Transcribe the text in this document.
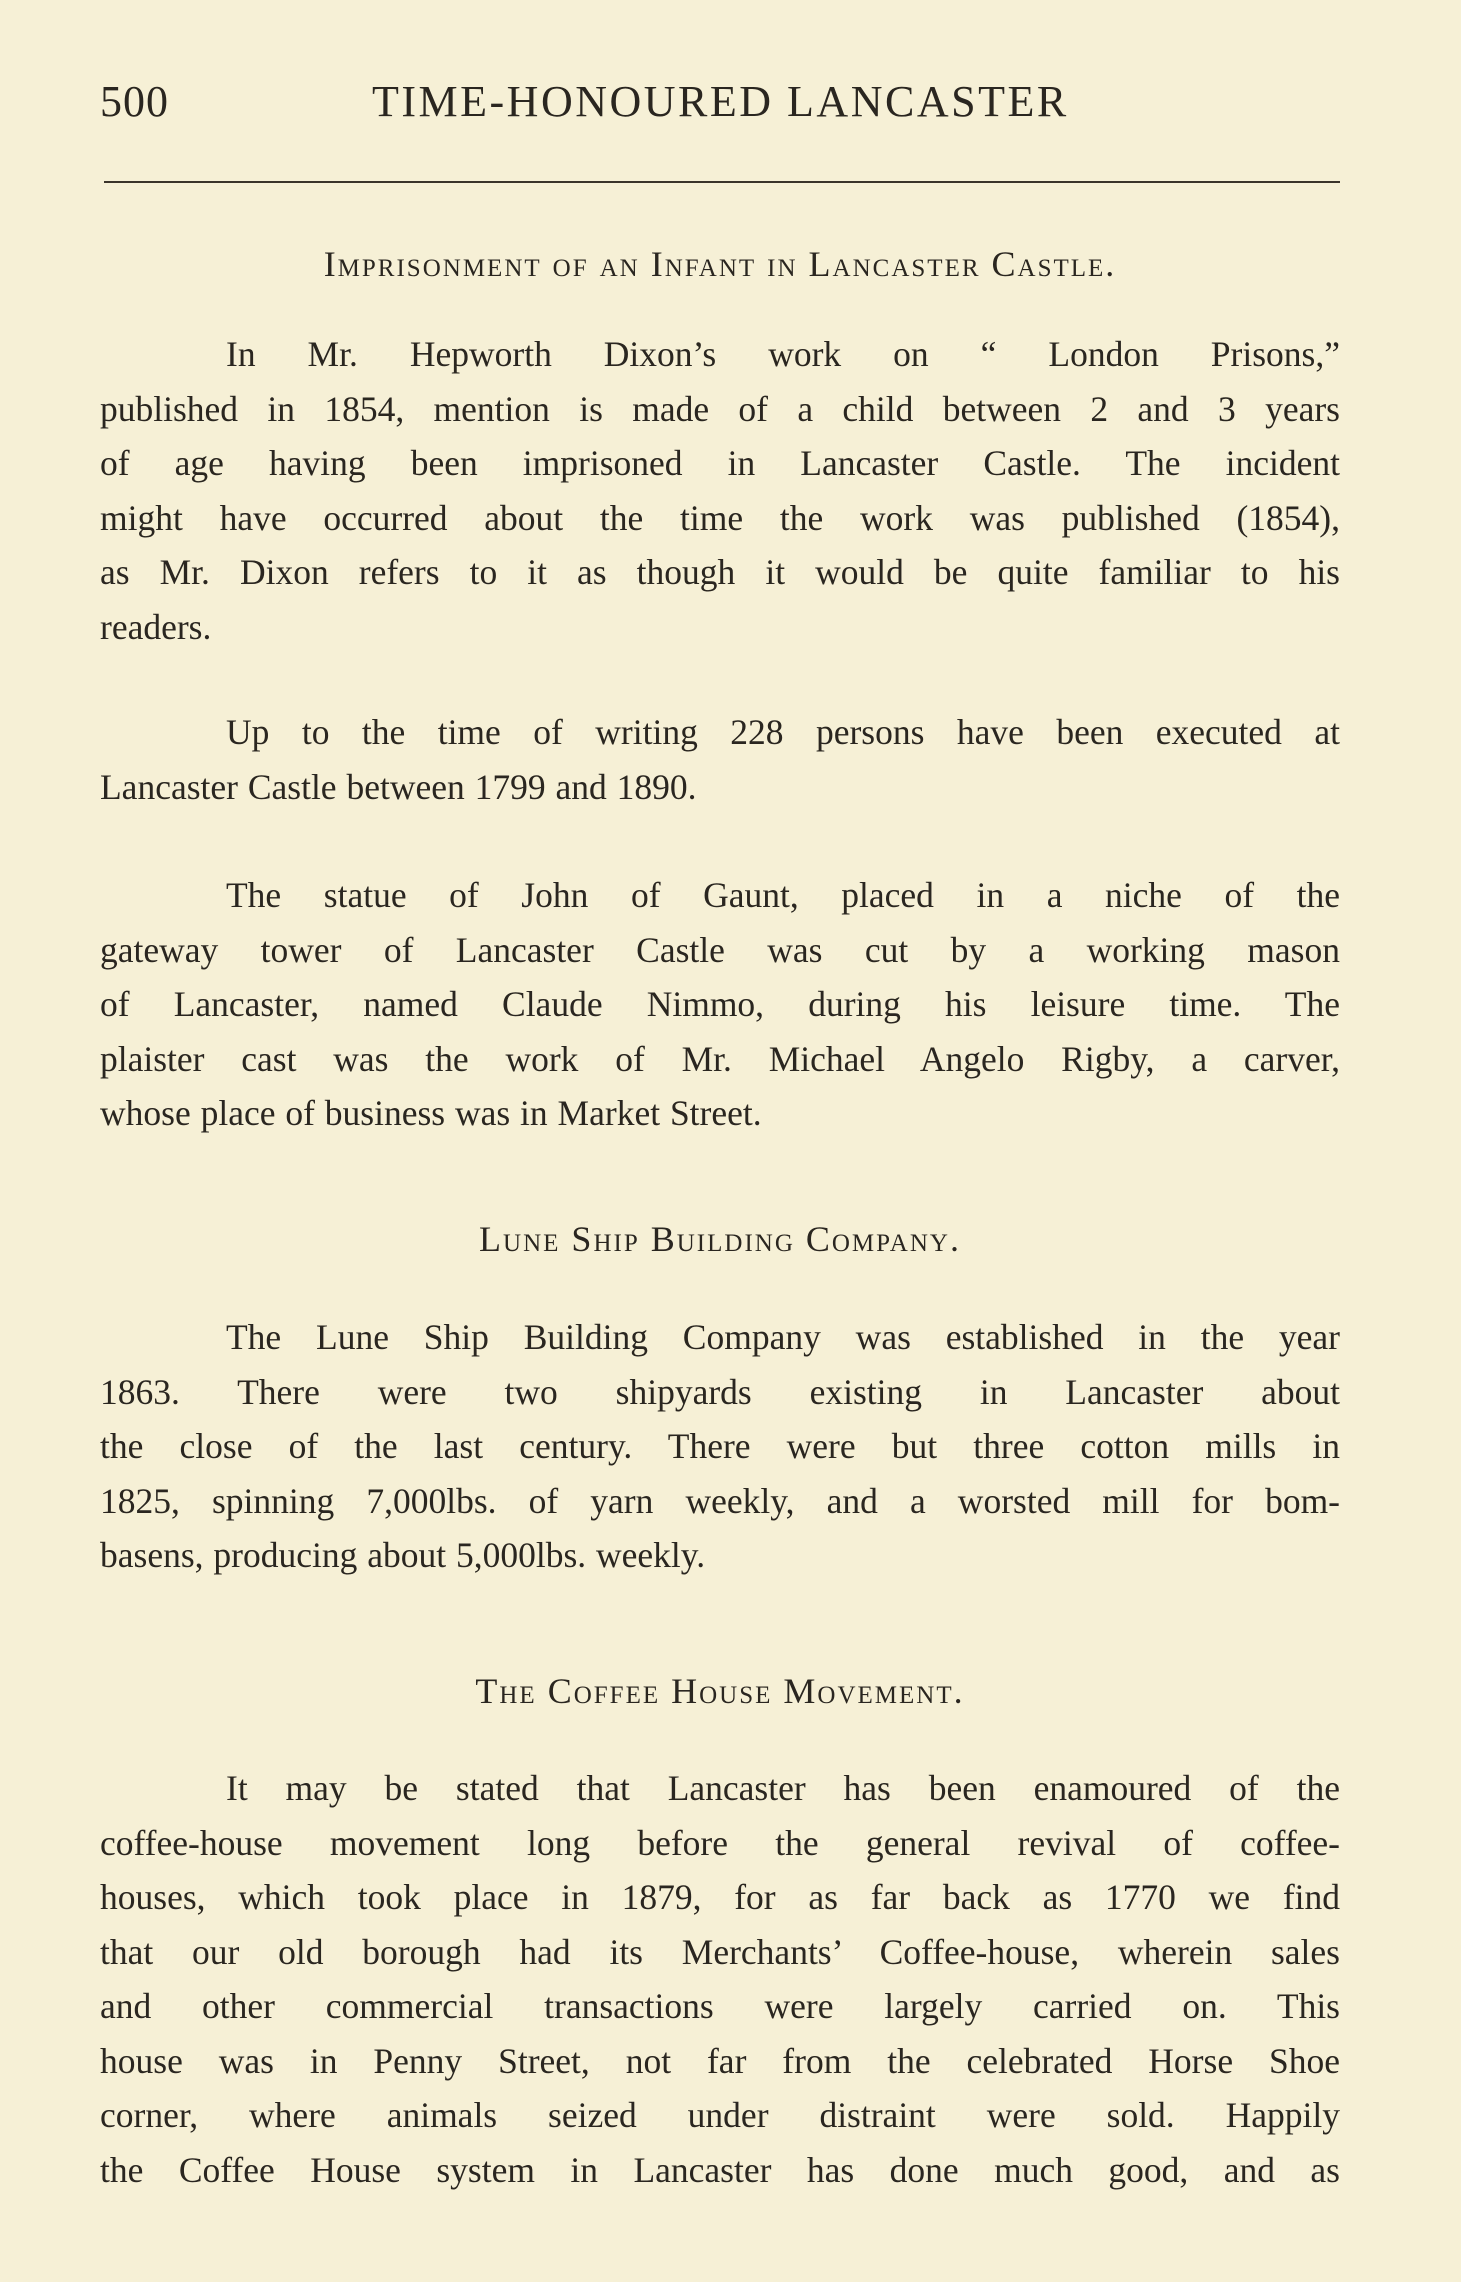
500	TIME-HONOURED LANCASTER
Imprisonment of an Infant in Lancaster Castle.
In Mr. Hepworth Dixon’s work on “ London Prisons,”
published in 1854, mention is made of a child between 2 and 3 years
of age having been imprisoned in Lancaster Castle. The incident
might have occurred about the time the work was published (1854),
as Mr. Dixon refers to it as though it would be quite familiar to his
readers.
Up to the time of writing 228 persons have been executed at
Lancaster Castle between 1799 and 1890.
The statue of John of Gaunt, placed in a niche of the
gateway tower of Lancaster Castle was cut by a working mason
of Lancaster, named Claude Nimmo, during his leisure time. The
plaister cast was the work of Mr. Michael Angelo Rigby, a carver,
whose place of business was in Market Street.
Lune Ship Building Company.
The Lune Ship Building Company was established in the year
1863. There were two shipyards existing in Lancaster about
the close of the last century. There were but three cotton mills in
1825, spinning 7,000lbs. of yarn weekly, and a worsted mill for bom-
basens, producing about 5,000lbs. weekly.
The Coffee House Movement.
It may be stated that Lancaster has been enamoured of the
coffee-house movement long before the general revival of coffee-
houses, which took place in 1879, for as far back as 1770 we find
that our old borough had its Merchants’ Coffee-house, wherein sales
and other commercial transactions were largely carried on. This
house was in Penny Street, not far from the celebrated Horse Shoe
corner, where animals seized under distraint were sold. Happily
the Coffee House system in Lancaster has done much good, and as
